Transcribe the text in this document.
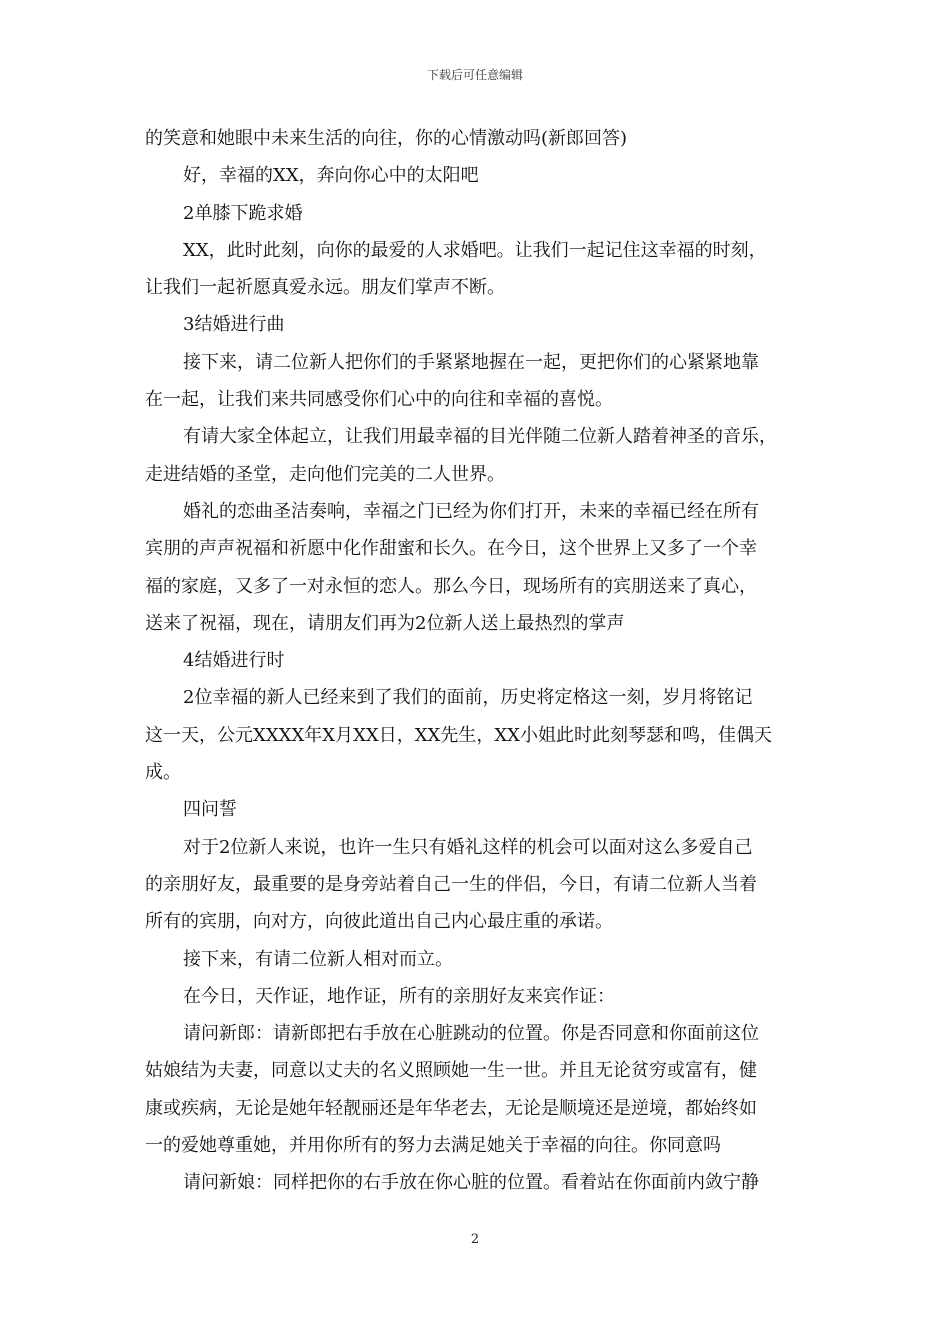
下载后可任意编辑
的笑意和她眼中未来生活的向往，你的心情激动吗(新郎回答)
好，幸福的XX，奔向你心中的太阳吧
2单膝下跪求婚
XX，此时此刻，向你的最爱的人求婚吧。让我们一起记住这幸福的时刻，
让我们一起祈愿真爱永远。朋友们掌声不断。
3结婚进行曲
接下来，请二位新人把你们的手紧紧地握在一起，更把你们的心紧紧地靠
在一起，让我们来共同感受你们心中的向往和幸福的喜悦。
有请大家全体起立，让我们用最幸福的目光伴随二位新人踏着神圣的音乐，
走进结婚的圣堂，走向他们完美的二人世界。
婚礼的恋曲圣洁奏响，幸福之门已经为你们打开，未来的幸福已经在所有
宾朋的声声祝福和祈愿中化作甜蜜和长久。在今日，这个世界上又多了一个幸
福的家庭，又多了一对永恒的恋人。那么今日，现场所有的宾朋送来了真心，
送来了祝福，现在，请朋友们再为2位新人送上最热烈的掌声
4结婚进行时
2位幸福的新人已经来到了我们的面前，历史将定格这一刻，岁月将铭记
这一天，公元XXXX年X月XX日，XX先生，XX小姐此时此刻琴瑟和鸣，佳偶天
成。
四问誓
对于2位新人来说，也许一生只有婚礼这样的机会可以面对这么多爱自己
的亲朋好友，最重要的是身旁站着自己一生的伴侣，今日，有请二位新人当着
所有的宾朋，向对方，向彼此道出自己内心最庄重的承诺。
接下来，有请二位新人相对而立。
在今日，天作证，地作证，所有的亲朋好友来宾作证：
请问新郎：请新郎把右手放在心脏跳动的位置。你是否同意和你面前这位
姑娘结为夫妻，同意以丈夫的名义照顾她一生一世。并且无论贫穷或富有，健
康或疾病，无论是她年轻靓丽还是年华老去，无论是顺境还是逆境，都始终如
一的爱她尊重她，并用你所有的努力去满足她关于幸福的向往。你同意吗
请问新娘：同样把你的右手放在你心脏的位置。看着站在你面前内敛宁静
2
